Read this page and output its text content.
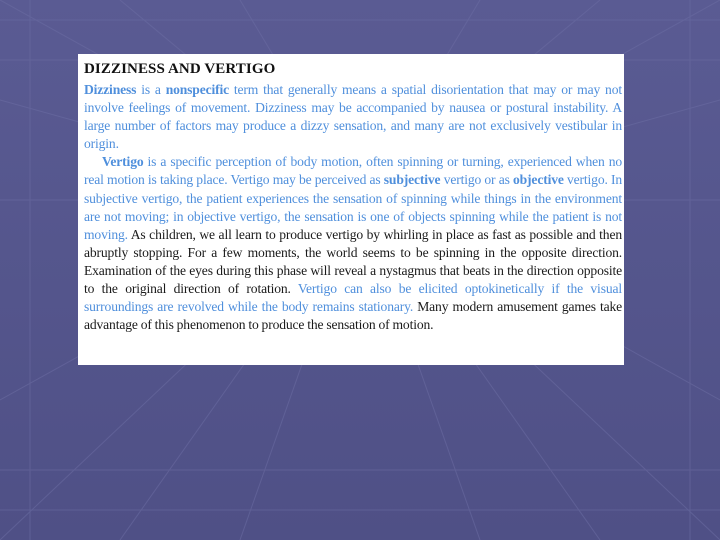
DIZZINESS AND VERTIGO

Dizziness is a nonspecific term that generally means a spatial disorientation that may or may not involve feelings of movement. Dizziness may be accompanied by nausea or postural instability. A large number of factors may produce a dizzy sensation, and many are not exclusively vestibular in origin.

Vertigo is a specific perception of body motion, often spinning or turning, experienced when no real motion is taking place. Vertigo may be perceived as subjective vertigo or as objective vertigo. In subjective vertigo, the patient experiences the sensation of spinning while things in the environment are not moving; in objective vertigo, the sensation is one of objects spinning while the patient is not moving. As children, we all learn to produce vertigo by whirling in place as fast as possible and then abruptly stopping. For a few moments, the world seems to be spinning in the opposite direction. Examination of the eyes during this phase will reveal a nystagmus that beats in the direction opposite to the original direction of rotation. Vertigo can also be elicited optokinetically if the visual surroundings are revolved while the body remains stationary. Many modern amusement games take advantage of this phenomenon to produce the sensation of motion.
